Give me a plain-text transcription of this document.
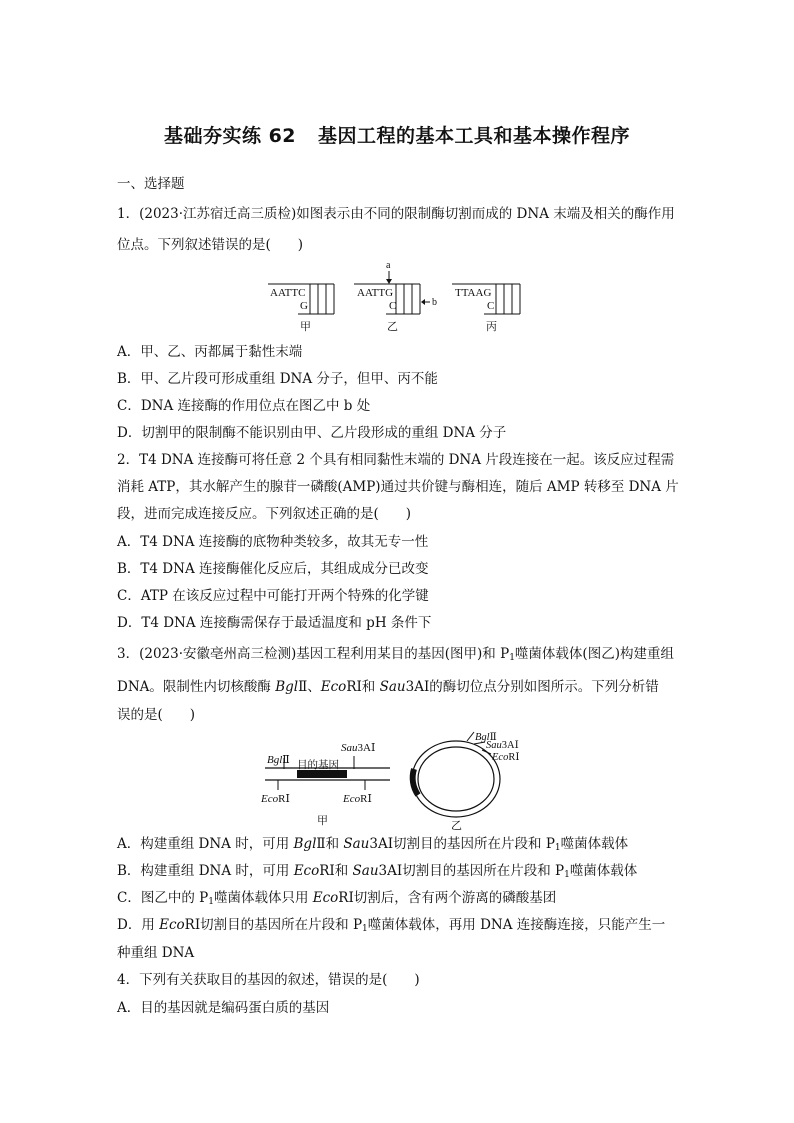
基础夯实练 62 基因工程的基本工具和基本操作程序
一、选择题
1．(2023·江苏宿迁高三质检)如图表示由不同的限制酶切割而成的 DNA 末端及相关的酶作用
位点。下列叙述错误的是(　　)
AATTC
G
甲
AATTG
C
a
b
乙
TTAAG
C
丙
A．甲、乙、丙都属于黏性末端
B．甲、乙片段可形成重组 DNA 分子，但甲、丙不能
C．DNA 连接酶的作用位点在图乙中 b 处
D．切割甲的限制酶不能识别由甲、乙片段形成的重组 DNA 分子
2．T4 DNA 连接酶可将任意 2 个具有相同黏性末端的 DNA 片段连接在一起。该反应过程需
消耗 ATP，其水解产生的腺苷一磷酸(AMP)通过共价键与酶相连，随后 AMP 转移至 DNA 片
段，进而完成连接反应。下列叙述正确的是(　　)
A．T4 DNA 连接酶的底物种类较多，故其无专一性
B．T4 DNA 连接酶催化反应后，其组成成分已改变
C．ATP 在该反应过程中可能打开两个特殊的化学键
D．T4 DNA 连接酶需保存于最适温度和 pH 条件下
3．(2023·安徽亳州高三检测)基因工程利用某目的基因(图甲)和 $P_1$噬菌体载体(图乙)构建重组
DNA。限制性内切核酸酶 BglⅡ、EcoRⅠ和 Sau3AⅠ的酶切位点分别如图所示。下列分析错
误的是(　　)
BglⅡ 目的基因
Sau3AⅠ
EcoRⅠ	EcoRⅠ
甲
BglⅡ
Sau3AⅠ
EcoRⅠ
乙
A．构建重组 DNA 时，可用 BglⅡ和 Sau3AⅠ切割目的基因所在片段和 $P_1$噬菌体载体
B．构建重组 DNA 时，可用 EcoRⅠ和 Sau3AⅠ切割目的基因所在片段和 $P_1$噬菌体载体
C．图乙中的 $P_1$噬菌体载体只用 EcoRⅠ切割后，含有两个游离的磷酸基团
D．用 EcoRⅠ切割目的基因所在片段和 $P_1$噬菌体载体，再用 DNA 连接酶连接，只能产生一
种重组 DNA
4．下列有关获取目的基因的叙述，错误的是(　　)
A．目的基因就是编码蛋白质的基因
